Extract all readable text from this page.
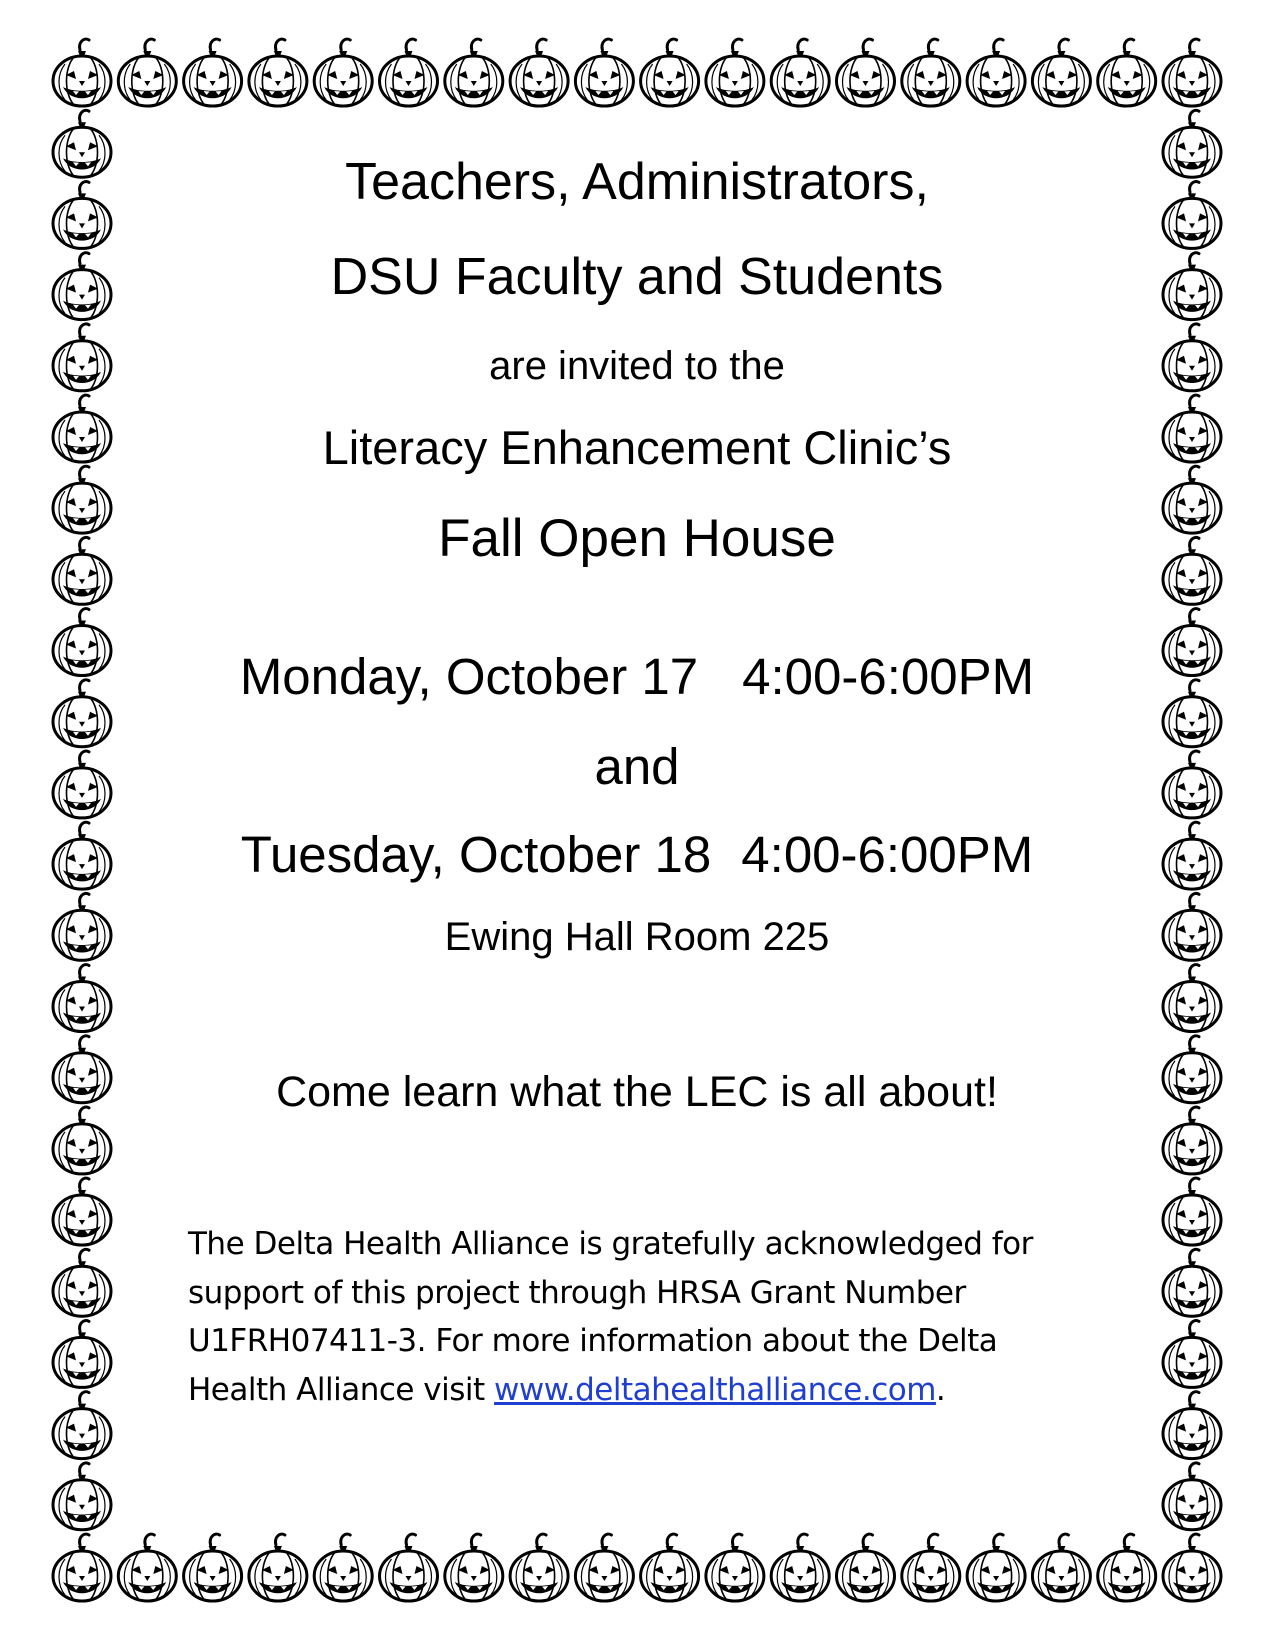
Teachers, Administrators,
DSU Faculty and Students
are invited to the
Literacy Enhancement Clinic’s
Fall Open House
Monday, October 17 4:00-6:00PM
and
Tuesday, October 18 4:00-6:00PM
Ewing Hall Room 225
Come learn what the LEC is all about!
The Delta Health Alliance is gratefully acknowledged for
support of this project through HRSA Grant Number
U1FRH07411-3. For more information about the Delta
Health Alliance visit www.deltahealthalliance.com.
